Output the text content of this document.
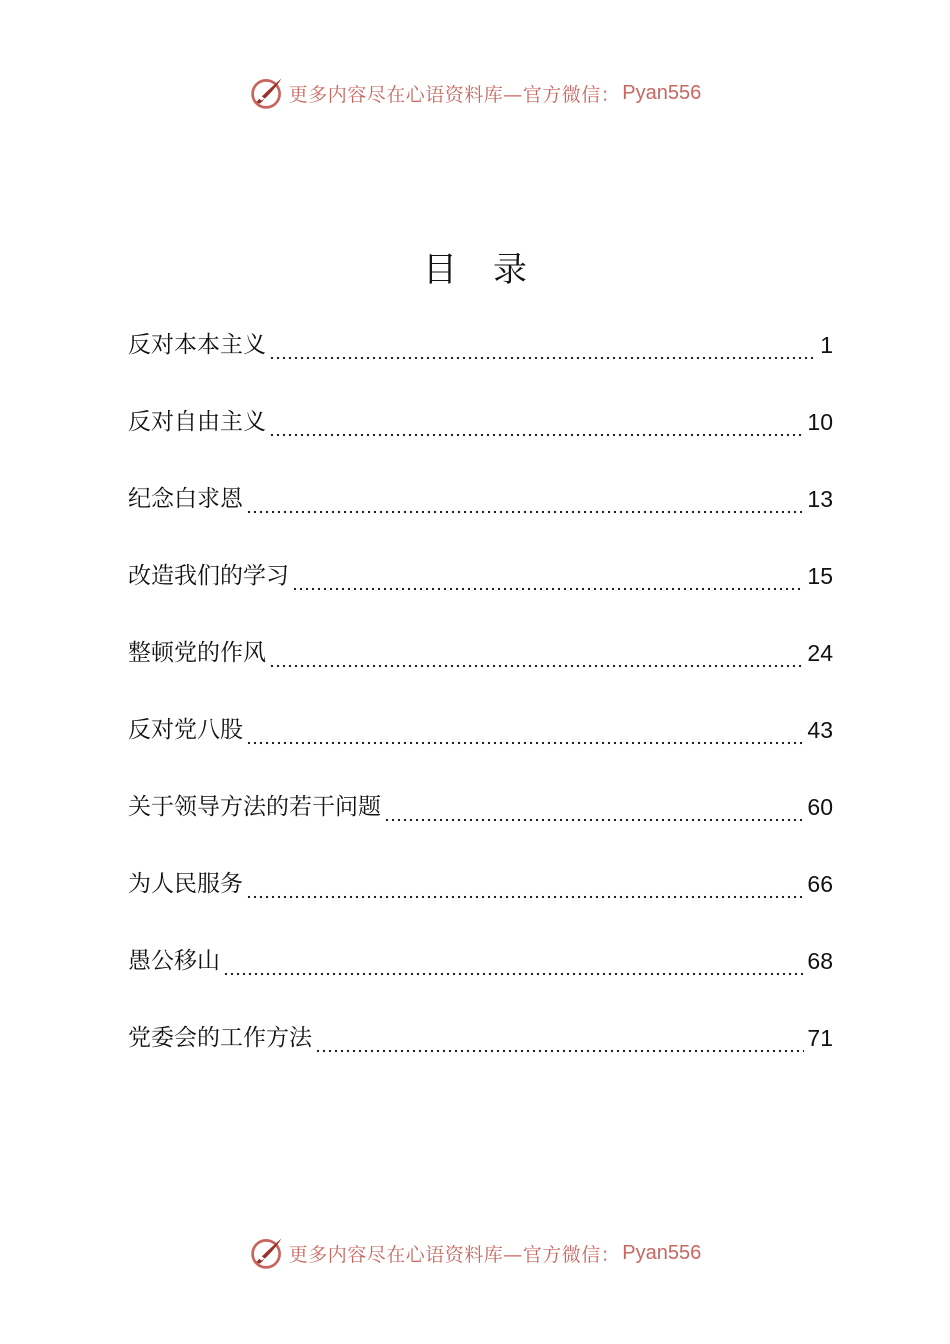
更多内容尽在心语资料库—官方微信： Pyan556
目录
反对本本主义	1
反对自由主义	10
纪念白求恩	13
改造我们的学习	15
整顿党的作风	24
反对党八股	43
关于领导方法的若干问题	60
为人民服务	66
愚公移山	68
党委会的工作方法	71
更多内容尽在心语资料库—官方微信： Pyan556
